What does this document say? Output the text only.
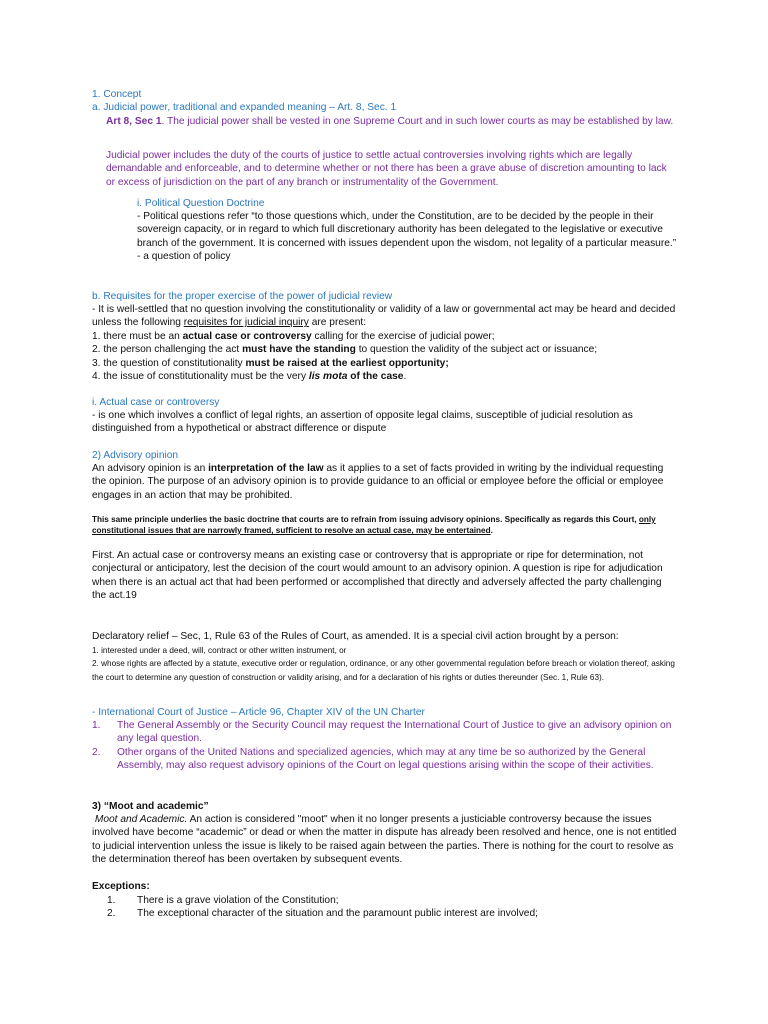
1. Concept

a. Judicial power, traditional and expanded meaning – Art. 8, Sec. 1

Art 8, Sec 1. The judicial power shall be vested in one Supreme Court and in such lower courts as may be established by law.
Judicial power includes the duty of the courts of justice to settle actual controversies involving rights which are legally demandable and enforceable, and to determine whether or not there has been a grave abuse of discretion amounting to lack or excess of jurisdiction on the part of any branch or instrumentality of the Government.
i. Political Question Doctrine

- Political questions refer “to those questions which, under the Constitution, are to be decided by the people in their sovereign capacity, or in regard to which full discretionary authority has been delegated to the legislative or executive branch of the government. It is concerned with issues dependent upon the wisdom, not legality of a particular measure.”

- a question of policy

b. Requisites for the proper exercise of the power of judicial review
- It is well-settled that no question involving the constitutionality or validity of a law or governmental act may be heard and decided unless the following requisites for judicial inquiry are present:

1. there must be an actual case or controversy calling for the exercise of judicial power;

2. the person challenging the act must have the standing to question the validity of the subject act or issuance;

3. the question of constitutionality must be raised at the earliest opportunity;

4. the issue of constitutionality must be the very lis mota of the case.

i. Actual case or controversy
- is one which involves a conflict of legal rights, an assertion of opposite legal claims, susceptible of judicial resolution as distinguished from a hypothetical or abstract difference or dispute
2) Advisory opinion
An advisory opinion is an interpretation of the law as it applies to a set of facts provided in writing by the individual requesting the opinion. The purpose of an advisory opinion is to provide guidance to an official or employee before the official or employee engages in an action that may be prohibited.
This same principle underlies the basic doctrine that courts are to refrain from issuing advisory opinions. Specifically as regards this Court, only constitutional issues that are narrowly framed, sufficient to resolve an actual case, may be entertained.
First. An actual case or controversy means an existing case or controversy that is appropriate or ripe for determination, not conjectural or anticipatory, lest the decision of the court would amount to an advisory opinion. A question is ripe for adjudication when there is an actual act that had been performed or accomplished that directly and adversely affected the party challenging the act.19
Declaratory relief – Sec, 1, Rule 63 of the Rules of Court, as amended. It is a special civil action brought by a person:

1. interested under a deed, will, contract or other written instrument, or

2. whose rights are affected by a statute, executive order or regulation, ordinance, or any other governmental regulation before breach or violation thereof, asking the court to determine any question of construction or validity arising, and for a declaration of his rights or duties thereunder (Sec. 1, Rule 63).

- International Court of Justice – Article 96, Chapter XIV of the UN Charter
1. The General Assembly or the Security Council may request the International Court of Justice to give an advisory opinion on any legal question.
2. Other organs of the United Nations and specialized agencies, which may at any time be so authorized by the General Assembly, may also request advisory opinions of the Court on legal questions arising within the scope of their activities.
3) “Moot and academic”
Moot and Academic. An action is considered "moot" when it no longer presents a justiciable controversy because the issues involved have become “academic” or dead or when the matter in dispute has already been resolved and hence, one is not entitled to judicial intervention unless the issue is likely to be raised again between the parties. There is nothing for the court to resolve as the determination thereof has been overtaken by subsequent events.
Exceptions:
1. There is a grave violation of the Constitution;
2. The exceptional character of the situation and the paramount public interest are involved;
